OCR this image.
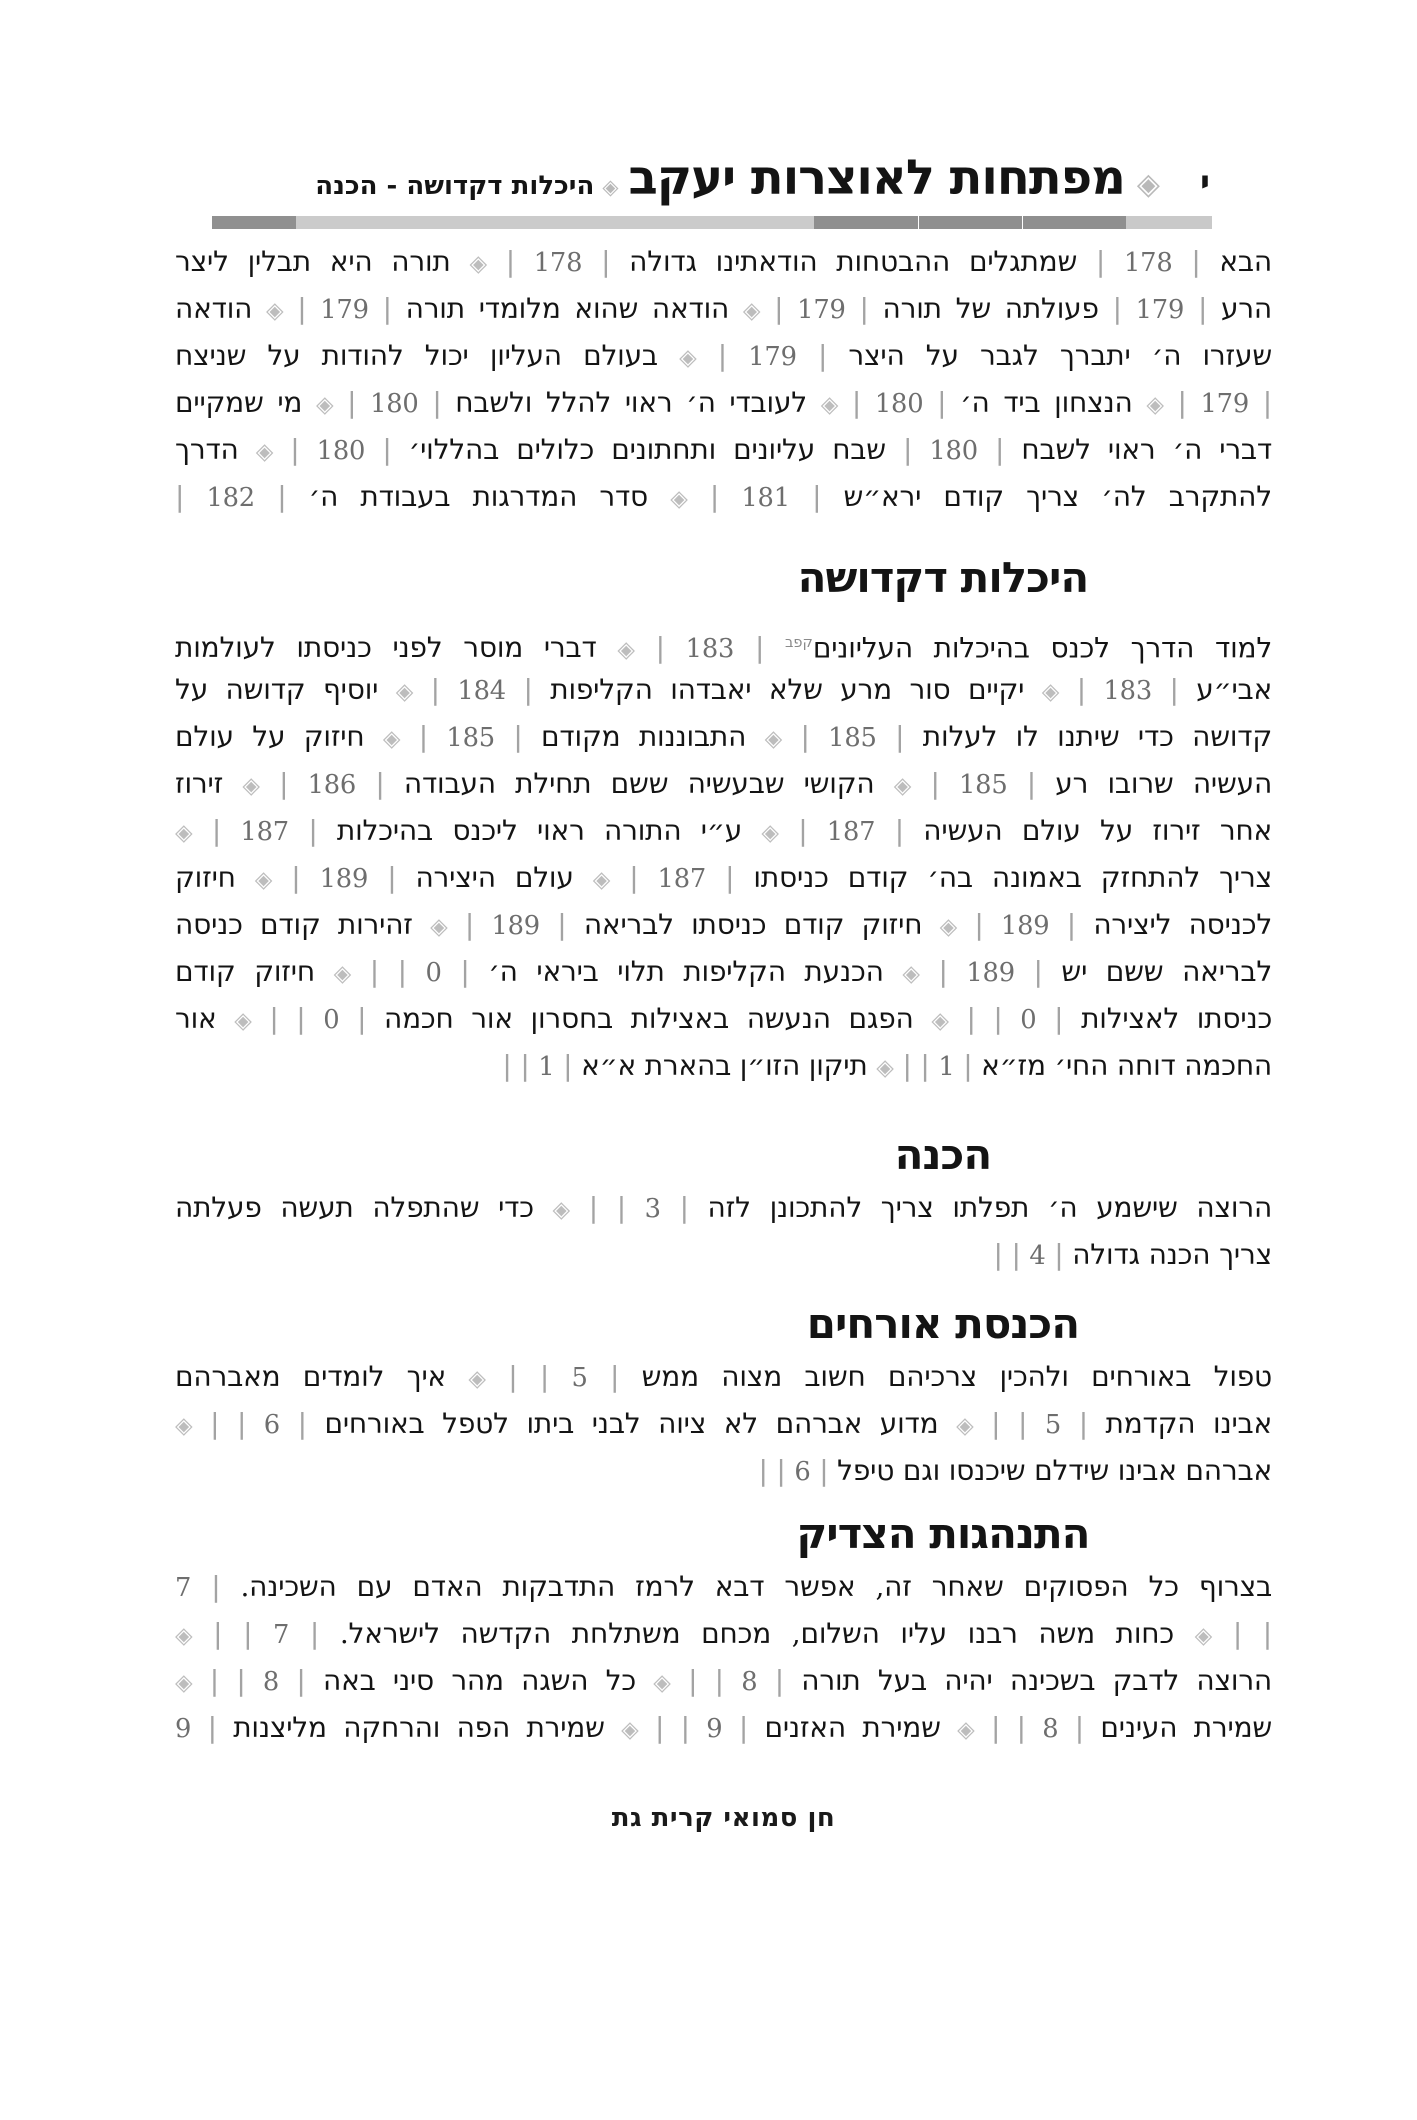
י
◈
מפתחות לאוצרות יעקב
◈
היכלות דקדושה - הכנה
הבא | 178 | שמתגלים ההבטחות הודאתינו גדולה | 178 | ◈ תורה היא תבלין ליצר
הרע | 179 | פעולתה של תורה | 179 | ◈ הודאה שהוא מלומדי תורה | 179 | ◈ הודאה
שעזרו ה׳ יתברך לגבר על היצר | 179 | ◈ בעולם העליון יכול להודות על שניצח
| 179 | ◈ הנצחון ביד ה׳ | 180 | ◈ לעובדי ה׳ ראוי להלל ולשבח | 180 | ◈ מי שמקיים
דברי ה׳ ראוי לשבח | 180 | שבח עליונים ותחתונים כלולים בהללוי׳ | 180 | ◈ הדרך
להתקרב לה׳ צריך קודם ירא״ש | 181 | ◈ סדר המדרגות בעבודת ה׳ | 182 |
היכלות דקדושה
למוד הדרך לכנס בהיכלות העליונים$^{קפב}$ | 183 | ◈ דברי מוסר לפני כניסתו לעולמות
אבי״ע | 183 | ◈ יקיים סור מרע שלא יאבדהו הקליפות | 184 | ◈ יוסיף קדושה על
קדושה כדי שיתנו לו לעלות | 185 | ◈ התבוננות מקודם | 185 | ◈ חיזוק על עולם
העשיה שרובו רע | 185 | ◈ הקושי שבעשיה ששם תחילת העבודה | 186 | ◈ זירוז
אחר זירוז על עולם העשיה | 187 | ◈ ע״י התורה ראוי ליכנס בהיכלות | 187 | ◈
צריך להתחזק באמונה בה׳ קודם כניסתו | 187 | ◈ עולם היצירה | 189 | ◈ חיזוק
לכניסה ליצירה | 189 | ◈ חיזוק קודם כניסתו לבריאה | 189 | ◈ זהירות קודם כניסה
לבריאה ששם יש | 189 | ◈ הכנעת הקליפות תלוי ביראי ה׳ | 0 | | ◈ חיזוק קודם
כניסתו לאצילות | 0 | | ◈ הפגם הנעשה באצילות בחסרון אור חכמה | 0 | | ◈ אור
החכמה דוחה החי׳ מז״א | 1 | | ◈ תיקון הזו״ן בהארת א״א | 1 | |
הכנה
הרוצה שישמע ה׳ תפלתו צריך להתכונן לזה | 3 | | ◈ כדי שהתפלה תעשה פעלתה
צריך הכנה גדולה | 4 | |
הכנסת אורחים
טפול באורחים ולהכין צרכיהם חשוב מצוה ממש | 5 | | ◈ איך לומדים מאברהם
אבינו הקדמת | 5 | | ◈ מדוע אברהם לא ציוה לבני ביתו לטפל באורחים | 6 | | ◈
אברהם אבינו שידלם שיכנסו וגם טיפל | 6 | |
התנהגות הצדיק
בצרוף כל הפסוקים שאחר זה, אפשר דבא לרמז התדבקות האדם עם השכינה. | 7
| | ◈ כחות משה רבנו עליו השלום, מכחם משתלחת הקדשה לישראל. | 7 | | ◈
הרוצה לדבק בשכינה יהיה בעל תורה | 8 | | ◈ כל השגה מהר סיני באה | 8 | | ◈
שמירת העינים | 8 | | ◈ שמירת האזנים | 9 | | ◈ שמירת הפה והרחקה מליצנות | 9
חן סמואי קרית גת
